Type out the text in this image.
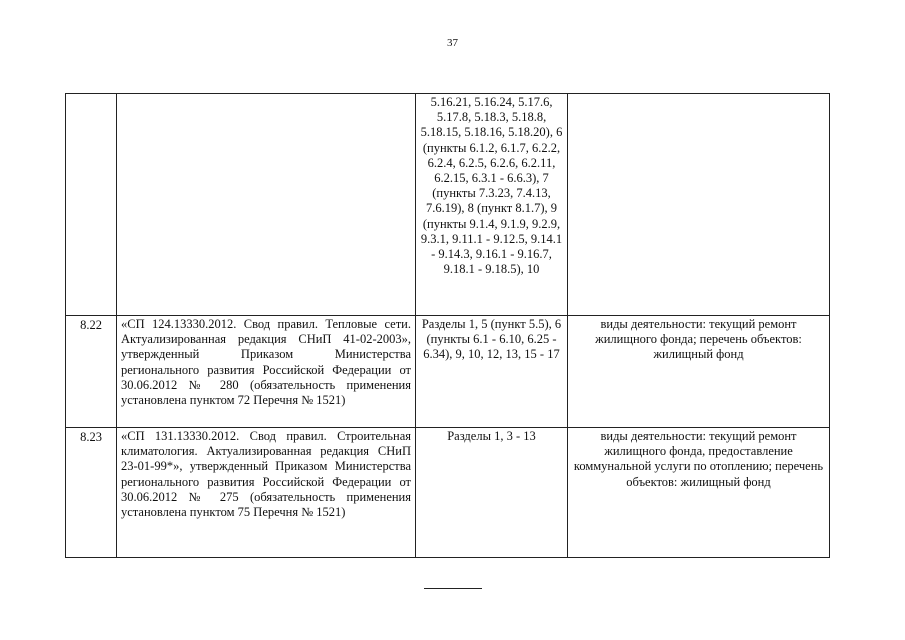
37
		5.16.21, 5.16.24, 5.17.6, 5.17.8, 5.18.3, 5.18.8, 5.18.15, 5.18.16, 5.18.20), 6 (пункты 6.1.2, 6.1.7, 6.2.2, 6.2.4, 6.2.5, 6.2.6, 6.2.11, 6.2.15, 6.3.1 - 6.6.3), 7 (пункты 7.3.23, 7.4.13, 7.6.19), 8 (пункт 8.1.7), 9 (пункты 9.1.4, 9.1.9, 9.2.9, 9.3.1, 9.11.1 - 9.12.5, 9.14.1 - 9.14.3, 9.16.1 - 9.16.7, 9.18.1 - 9.18.5), 10	
8.22	«СП 124.13330.2012. Свод правил. Тепловые сети. Актуализированная редакция СНиП 41-02-2003», утвержденный Приказом Министерства регионального развития Российской Федерации от 30.06.2012 № 280 (обязательность применения установлена пунктом 72 Перечня № 1521)	Разделы 1, 5 (пункт 5.5), 6 (пункты 6.1 - 6.10, 6.25 - 6.34), 9, 10, 12, 13, 15 - 17	виды деятельности: текущий ремонт жилищного фонда; перечень объектов: жилищный фонд
8.23	«СП 131.13330.2012. Свод правил. Строительная климатология. Актуализированная редакция СНиП 23-01-99*», утвержденный Приказом Министерства регионального развития Российской Федерации от 30.06.2012 № 275 (обязательность применения установлена пунктом 75 Перечня № 1521)	Разделы 1, 3 - 13	виды деятельности: текущий ремонт жилищного фонда, предоставление коммунальной услуги по отоплению; перечень объектов: жилищный фонд
